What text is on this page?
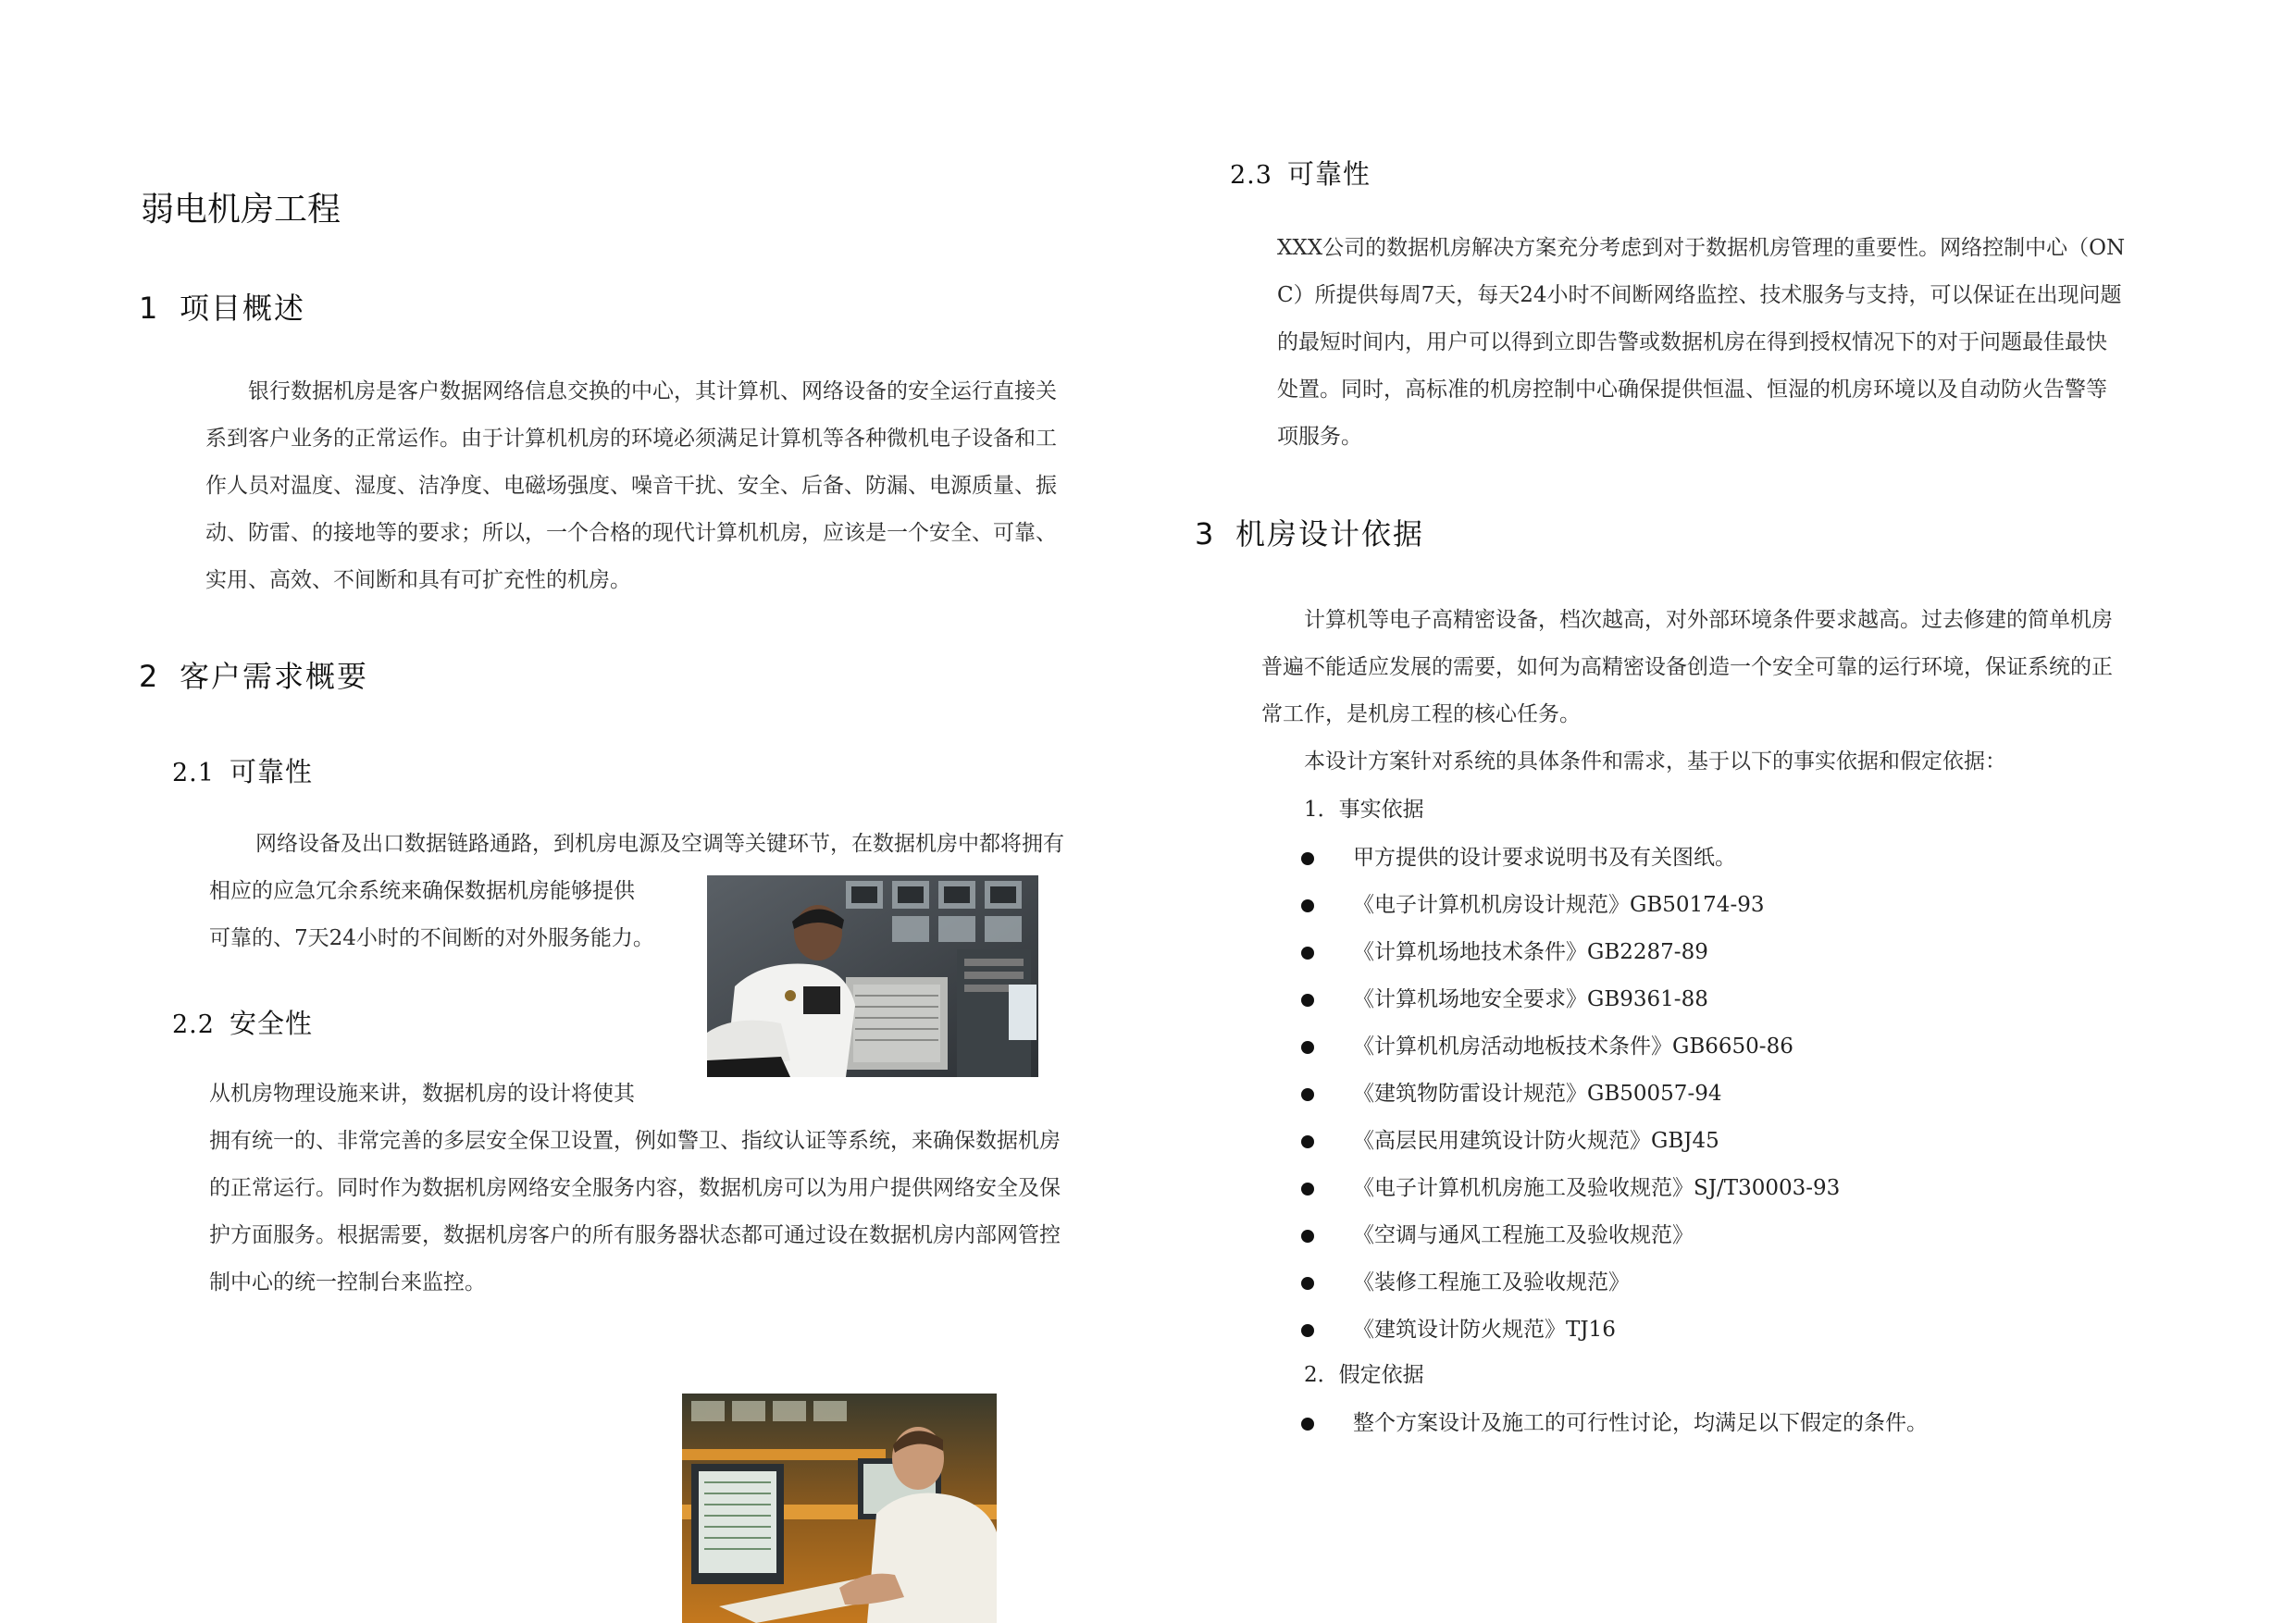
弱电机房工程
1 项目概述

银行数据机房是客户数据网络信息交换的中心，其计算机、网络设备的安全运行直接关

系到客户业务的正常运作。由于计算机机房的环境必须满足计算机等各种微机电子设备和工

作人员对温度、湿度、洁净度、电磁场强度、噪音干扰、安全、后备、防漏、电源质量、振

动、防雷、的接地等的要求；所以，一个合格的现代计算机机房，应该是一个安全、可靠、

实用、高效、不间断和具有可扩充性的机房。

2 客户需求概要
2.1 可靠性

网络设备及出口数据链路通路，到机房电源及空调等关键环节，在数据机房中都将拥有

相应的应急冗余系统来确保数据机房能够提供

可靠的、7天24小时的不间断的对外服务能力。

2.2 安全性

从机房物理设施来讲，数据机房的设计将使其

拥有统一的、非常完善的多层安全保卫设置，例如警卫、指纹认证等系统，来确保数据机房

的正常运行。同时作为数据机房网络安全服务内容，数据机房可以为用户提供网络安全及保

护方面服务。根据需要，数据机房客户的所有服务器状态都可通过设在数据机房内部网管控

制中心的统一控制台来监控。

2.3 可靠性

XXX公司的数据机房解决方案充分考虑到对于数据机房管理的重要性。网络控制中心（ON

C）所提供每周7天，每天24小时不间断网络监控、技术服务与支持，可以保证在出现问题

的最短时间内，用户可以得到立即告警或数据机房在得到授权情况下的对于问题最佳最快

处置。同时，高标准的机房控制中心确保提供恒温、恒湿的机房环境以及自动防火告警等

项服务。

3 机房设计依据

计算机等电子高精密设备，档次越高，对外部环境条件要求越高。过去修建的简单机房

普遍不能适应发展的需要，如何为高精密设备创造一个安全可靠的运行环境，保证系统的正

常工作，是机房工程的核心任务。

本设计方案针对系统的具体条件和需求，基于以下的事实依据和假定依据：

1．事实依据
甲方提供的设计要求说明书及有关图纸。
《电子计算机机房设计规范》GB50174-93
《计算机场地技术条件》GB2287-89
《计算机场地安全要求》GB9361-88
《计算机机房活动地板技术条件》GB6650-86
《建筑物防雷设计规范》GB50057-94
《高层民用建筑设计防火规范》GBJ45
《电子计算机机房施工及验收规范》SJ/T30003-93
《空调与通风工程施工及验收规范》
《装修工程施工及验收规范》
《建筑设计防火规范》TJ16
2．假定依据
整个方案设计及施工的可行性讨论，均满足以下假定的条件。
